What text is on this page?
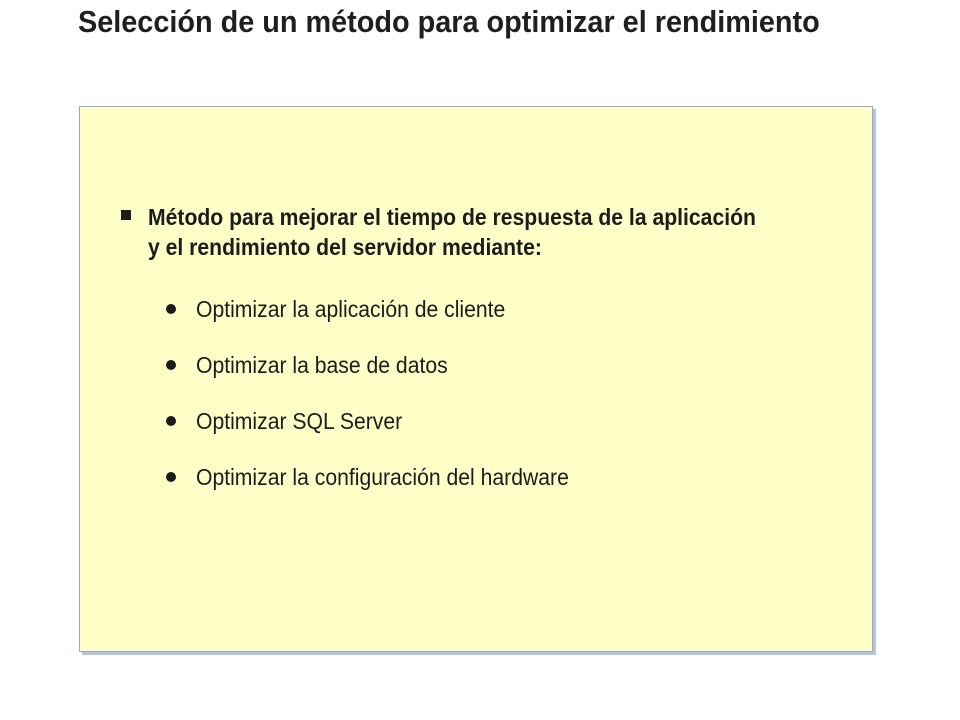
Selección de un método para optimizar el rendimiento
Método para mejorar el tiempo de respuesta de la aplicación y el rendimiento del servidor mediante:
Optimizar la aplicación de cliente
Optimizar la base de datos
Optimizar SQL Server
Optimizar la configuración del hardware
